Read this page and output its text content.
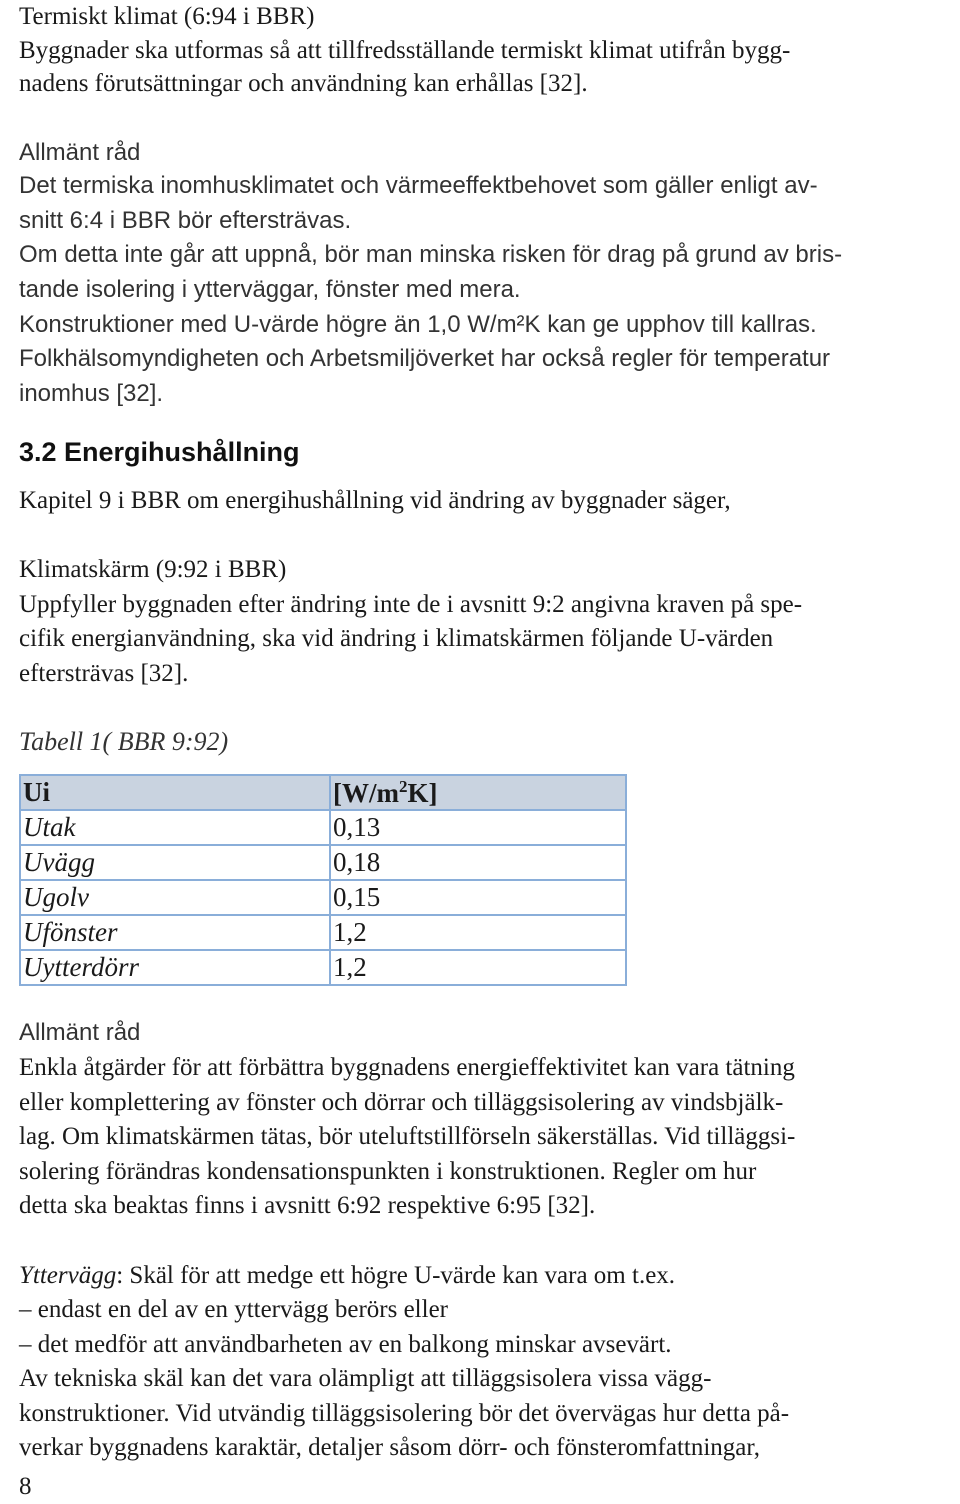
Termiskt klimat (6:94 i BBR)
Byggnader ska utformas så att tillfredsställande termiskt klimat utifrån bygg-
nadens förutsättningar och användning kan erhållas [32].
Allmänt råd
Det termiska inomhusklimatet och värmeeffektbehovet som gäller enligt av-
snitt 6:4 i BBR bör eftersträvas.
Om detta inte går att uppnå, bör man minska risken för drag på grund av bris-
tande isolering i ytterväggar, fönster med mera.
Konstruktioner med U-värde högre än 1,0 W/m²K kan ge upphov till kallras.
Folkhälsomyndigheten och Arbetsmiljöverket har också regler för temperatur
inomhus [32].
3.2 Energihushållning
Kapitel 9 i BBR om energihushållning vid ändring av byggnader säger,
Klimatskärm (9:92 i BBR)
Uppfyller byggnaden efter ändring inte de i avsnitt 9:2 angivna kraven på spe-
cifik energianvändning, ska vid ändring i klimatskärmen följande U-värden
eftersträvas [32].
Tabell 1( BBR 9:92)
Ui	$[W/m^2K]$
Utak	0,13
Uvägg	0,18
Ugolv	0,15
Ufönster	1,2
Uytterdörr	1,2
Allmänt råd
Enkla åtgärder för att förbättra byggnadens energieffektivitet kan vara tätning
eller komplettering av fönster och dörrar och tilläggsisolering av vindsbjälk-
lag. Om klimatskärmen tätas, bör uteluftstillförseln säkerställas. Vid tilläggsi-
solering förändras kondensationspunkten i konstruktionen. Regler om hur
detta ska beaktas finns i avsnitt 6:92 respektive 6:95 [32].
Yttervägg: Skäl för att medge ett högre U-värde kan vara om t.ex.
– endast en del av en yttervägg berörs eller
– det medför att användbarheten av en balkong minskar avsevärt.
Av tekniska skäl kan det vara olämpligt att tilläggsisolera vissa vägg-
konstruktioner. Vid utvändig tilläggsisolering bör det övervägas hur detta på-
verkar byggnadens karaktär, detaljer såsom dörr- och fönsteromfattningar,
8
